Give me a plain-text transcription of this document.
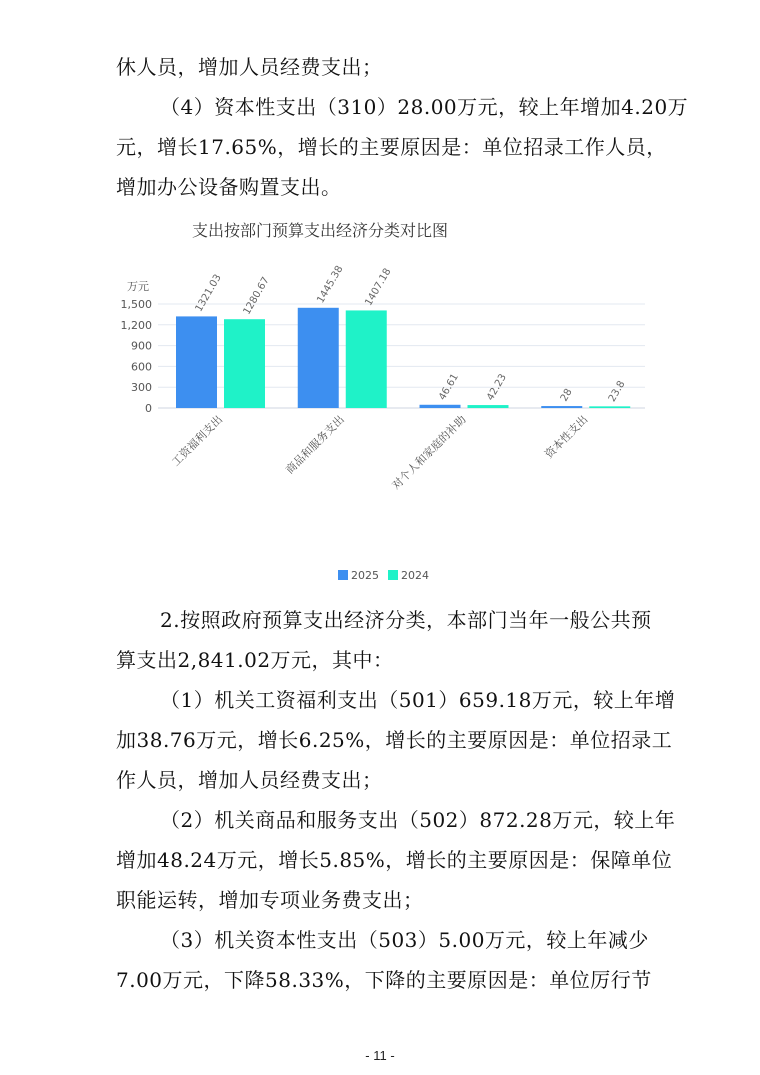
休人员，增加人员经费支出；
（4）资本性支出（310）28.00万元，较上年增加4.20万
元，增长17.65%，增长的主要原因是：单位招录工作人员，
增加办公设备购置支出。
支出按部门预算支出经济分类对比图
万元
0
300
600
900
1,200
1,500	1321.03 1280.67	1445.38 1407.18
46.61 42.23	28	23.8
工资福利支出	商品和服务支出	对个人和家庭的补助	资本性支出
2025 2024
2.按照政府预算支出经济分类，本部门当年一般公共预
算支出2,841.02万元，其中：
（1）机关工资福利支出（501）659.18万元，较上年增
加38.76万元，增长6.25%，增长的主要原因是：单位招录工
作人员，增加人员经费支出；
（2）机关商品和服务支出（502）872.28万元，较上年
增加48.24万元，增长5.85%，增长的主要原因是：保障单位
职能运转，增加专项业务费支出；
（3）机关资本性支出（503）5.00万元，较上年减少
7.00万元，下降58.33%，下降的主要原因是：单位厉行节
- 11 -
